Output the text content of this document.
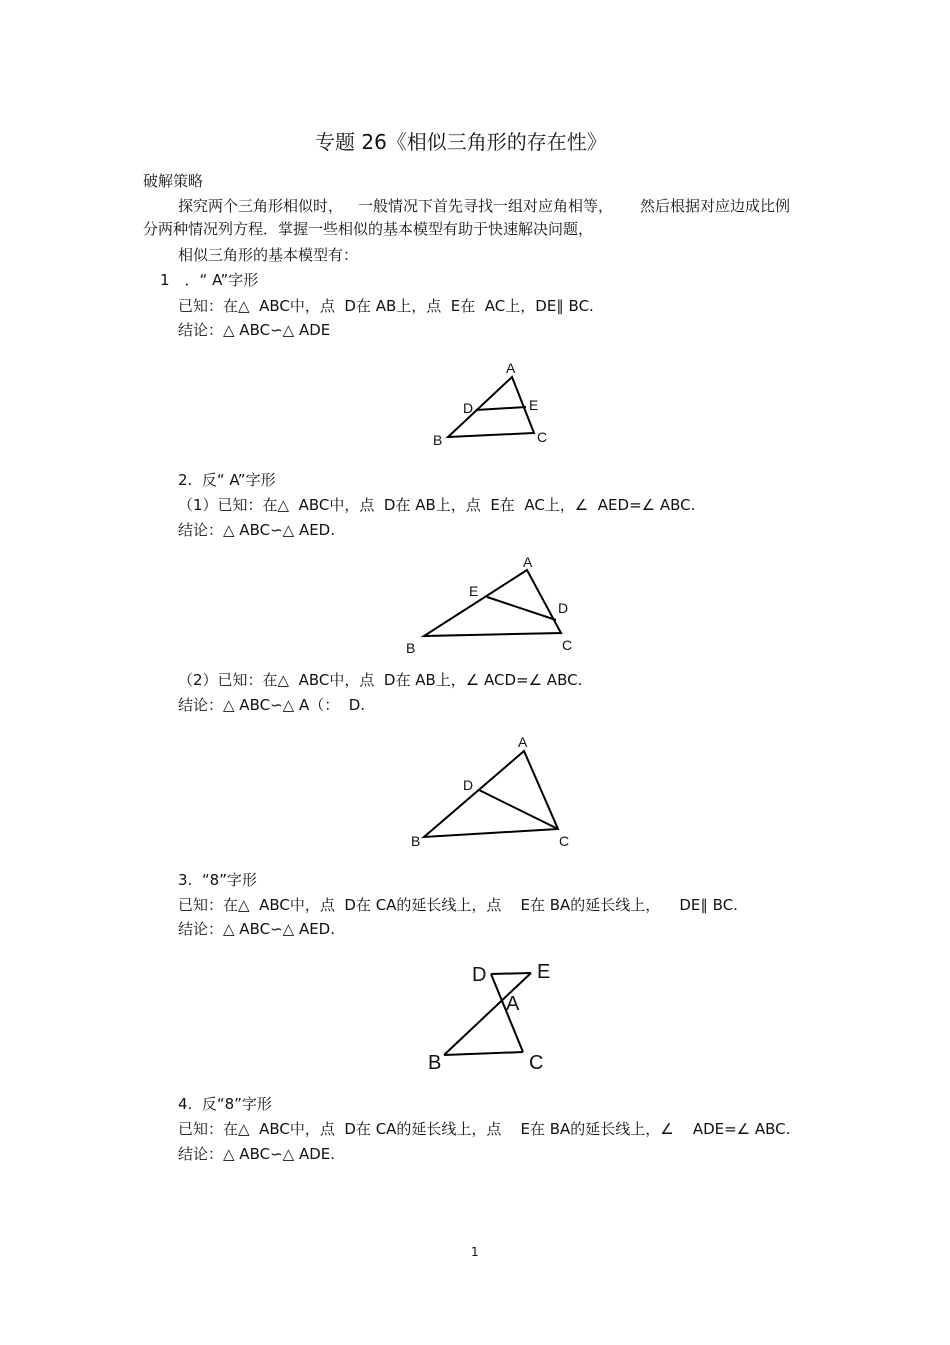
专题 26《相似三角形的存在性》
破解策略
探究两个三角形相似时， 一般情况下首先寻找一组对应角相等， 然后根据对应边成比例
分两种情况列方程．掌握一些相似的基本模型有助于快速解决问题，
相似三角形的基本模型有：
1　．“ A”字形
已知：在△  ABC中，点  D在 AB上，点  E在  AC上，DE∥ BC.
结论：△ ABC∽△ ADE
A
D	E
B	C
2.  反“ A”字形
（1）已知：在△  ABC中，点  D在 AB上，点  E在  AC上，∠  AED=∠ ABC.
结论：△ ABC∽△ AED.
A
E
D
B	C
（2）已知：在△  ABC中，点  D在 AB上，∠ ACD=∠ ABC.
结论：△ ABC∽△ A（：  D.
A
D
B	C
3.  “8”字形
已知：在△  ABC中，点  D在 CA的延长线上，点    E在 BA的延长线上，    DE∥ BC.
结论：△ ABC∽△ AED.
D	E
A
B	C
4.  反“8”字形
已知：在△  ABC中，点  D在 CA的延长线上，点    E在 BA的延长线上，∠    ADE=∠ ABC.
结论：△ ABC∽△ ADE.
1
